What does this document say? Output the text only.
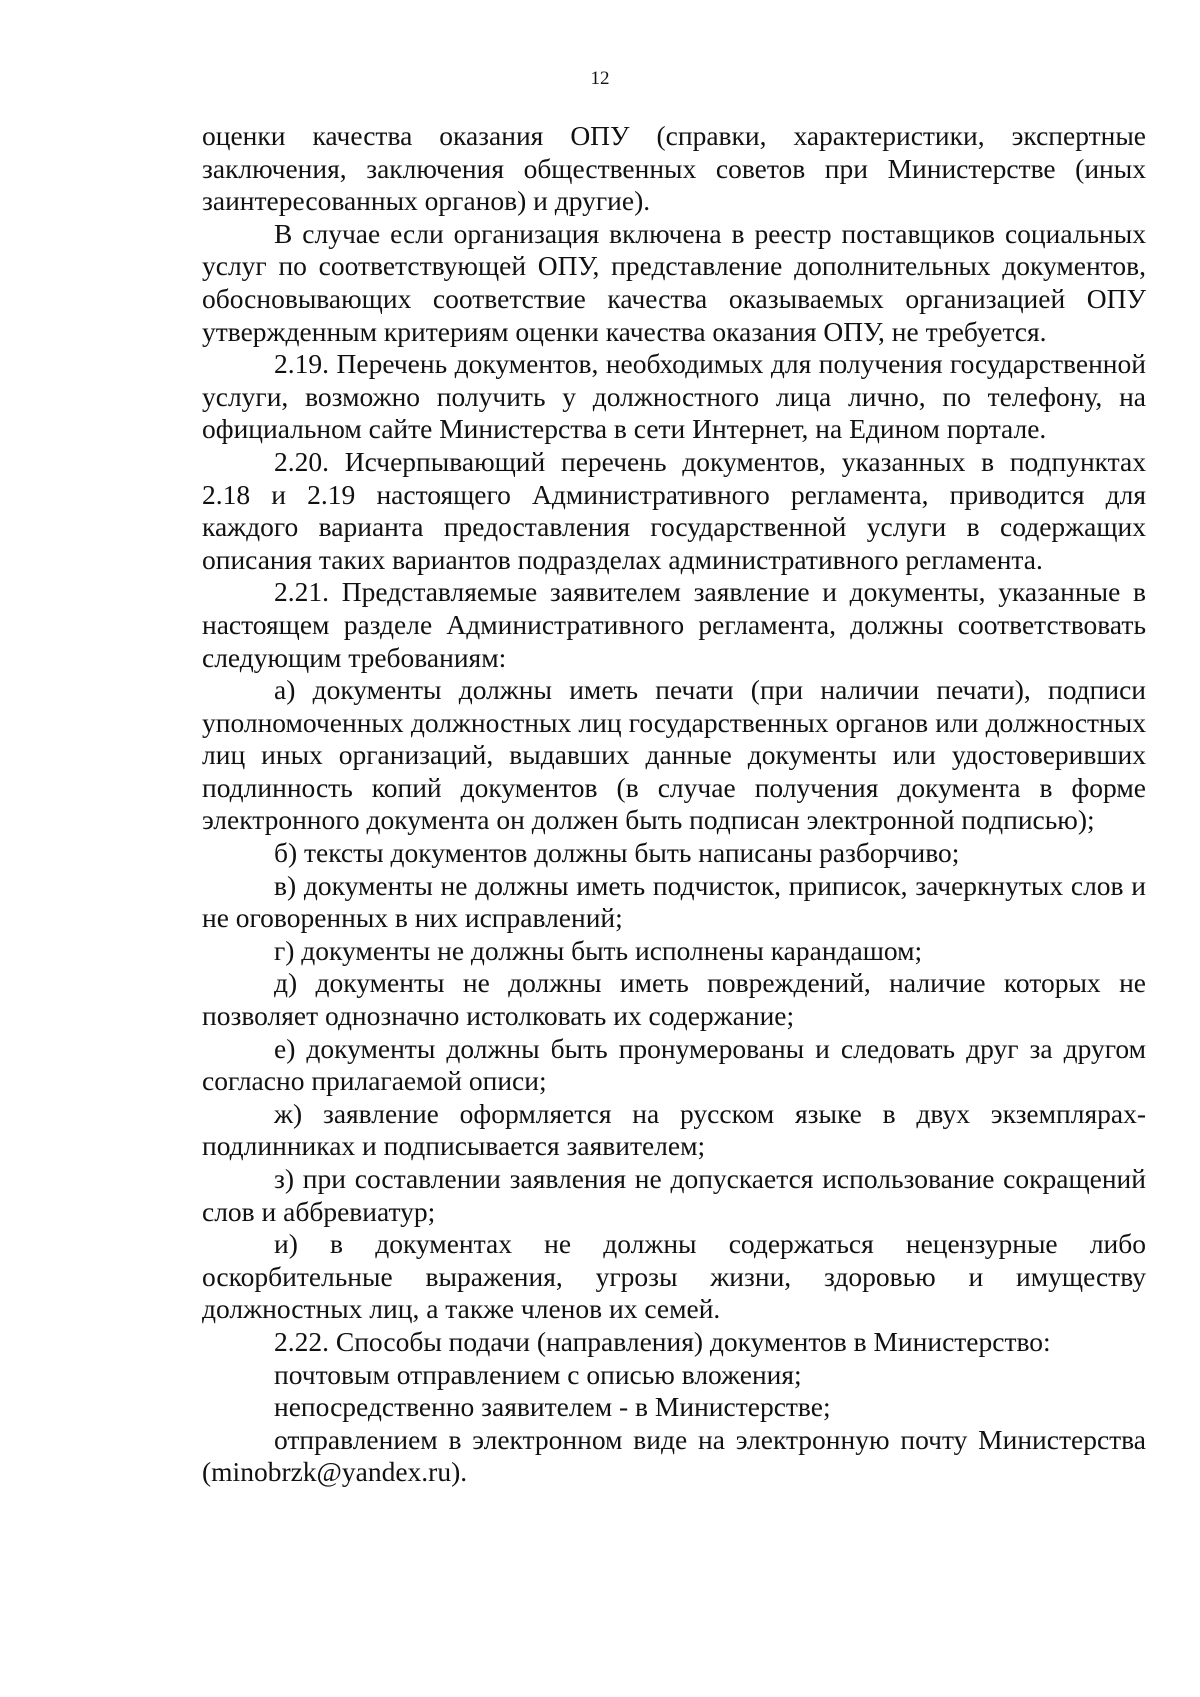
12

оценки качества оказания ОПУ (справки, характеристики, экспертные заключения, заключения общественных советов при Министерстве (иных заинтересованных органов) и другие).

В случае если организация включена в реестр поставщиков социальных услуг по соответствующей ОПУ, представление дополнительных документов, обосновывающих соответствие качества оказываемых организацией ОПУ утвержденным критериям оценки качества оказания ОПУ, не требуется.

2.19. Перечень документов, необходимых для получения государственной услуги, возможно получить у должностного лица лично, по телефону, на официальном сайте Министерства в сети Интернет, на Едином портале.

2.20. Исчерпывающий перечень документов, указанных в подпунктах 2.18 и 2.19 настоящего Административного регламента, приводится для каждого варианта предоставления государственной услуги в содержащих описания таких вариантов подразделах административного регламента.

2.21. Представляемые заявителем заявление и документы, указанные в настоящем разделе Административного регламента, должны соответствовать следующим требованиям:

а) документы должны иметь печати (при наличии печати), подписи уполномоченных должностных лиц государственных органов или должностных лиц иных организаций, выдавших данные документы или удостоверивших подлинность копий документов (в случае получения документа в форме электронного документа он должен быть подписан электронной подписью);

б) тексты документов должны быть написаны разборчиво;

в) документы не должны иметь подчисток, приписок, зачеркнутых слов и не оговоренных в них исправлений;

г) документы не должны быть исполнены карандашом;

д) документы не должны иметь повреждений, наличие которых не позволяет однозначно истолковать их содержание;

е) документы должны быть пронумерованы и следовать друг за другом согласно прилагаемой описи;

ж) заявление оформляется на русском языке в двух экземплярах-подлинниках и подписывается заявителем;

з) при составлении заявления не допускается использование сокращений слов и аббревиатур;

и) в документах не должны содержаться нецензурные либо оскорбительные выражения, угрозы жизни, здоровью и имуществу должностных лиц, а также членов их семей.

2.22. Способы подачи (направления) документов в Министерство:

почтовым отправлением с описью вложения;

непосредственно заявителем - в Министерстве;

отправлением в электронном виде на электронную почту Министерства (minobrzk@yandex.ru).
